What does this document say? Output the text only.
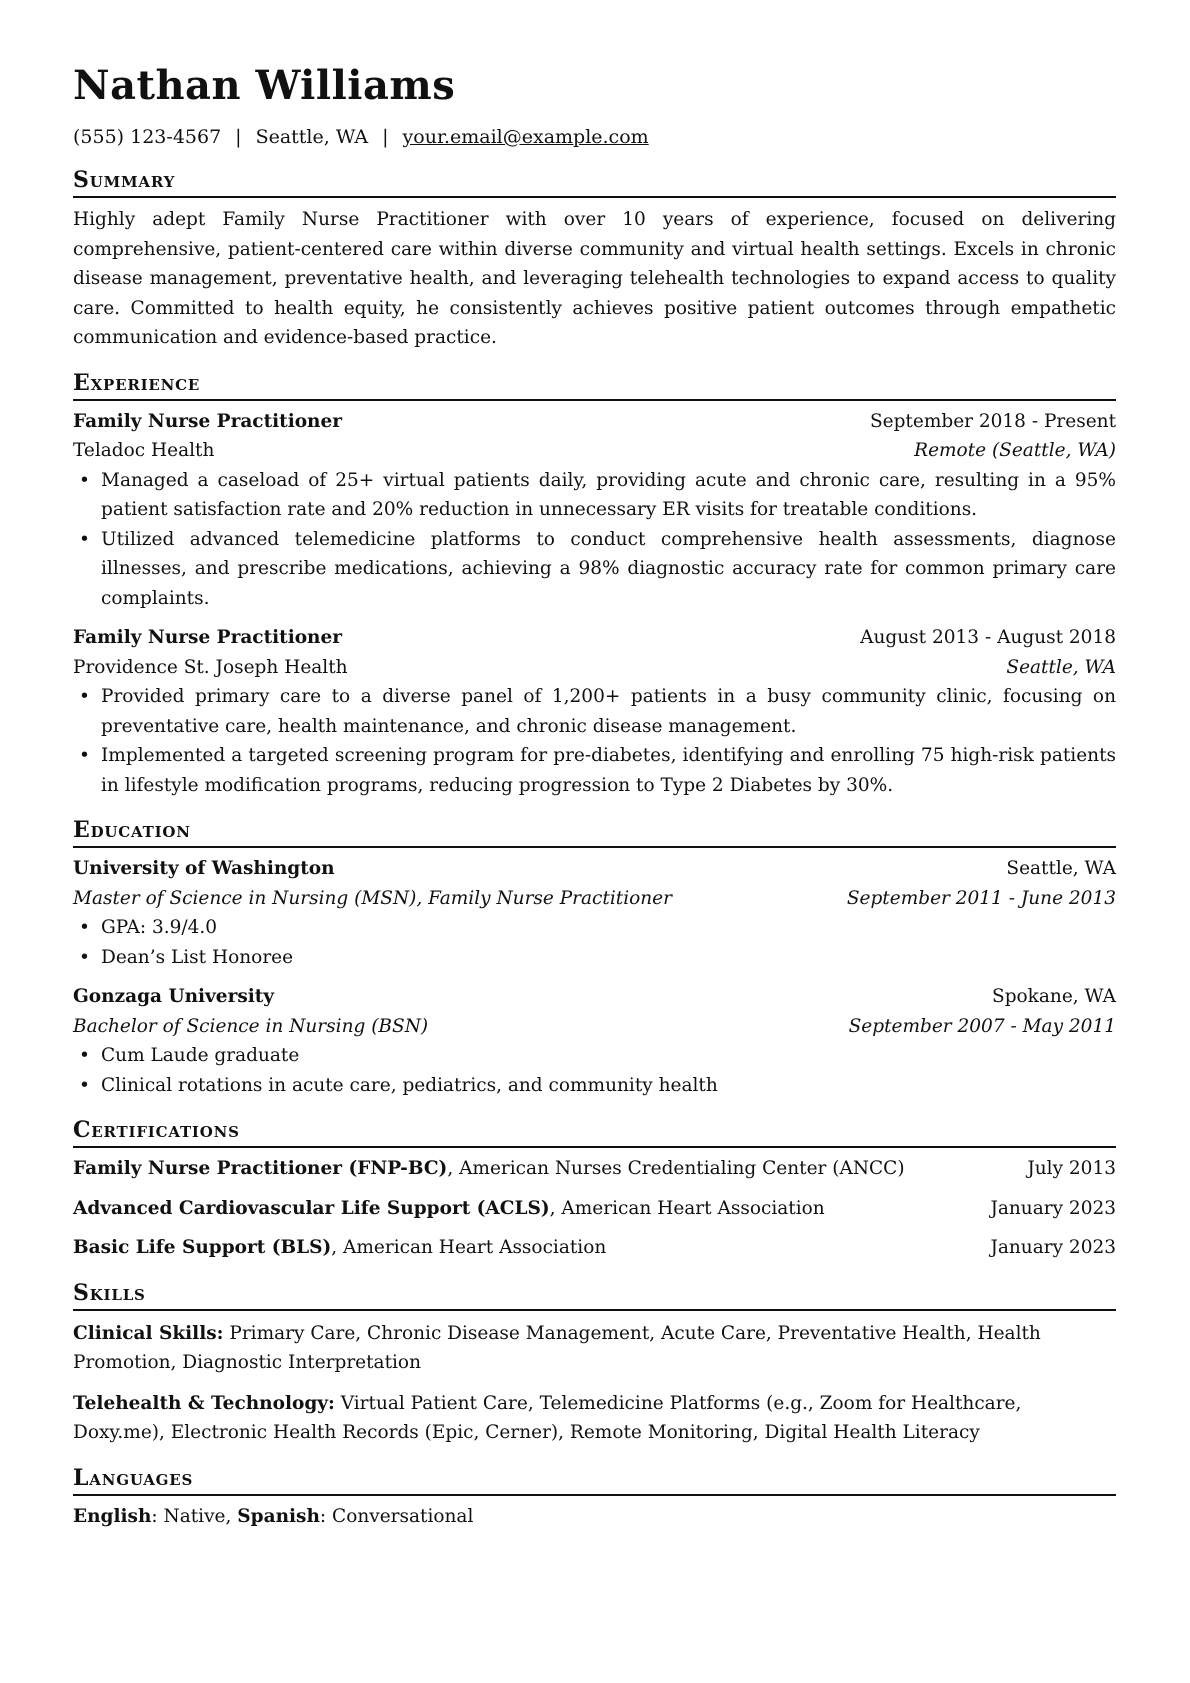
Nathan Williams
(555) 123-4567 | Seattle, WA | your.email@example.com
Summary
Highly adept Family Nurse Practitioner with over 10 years of experience, focused on delivering comprehensive, patient-centered care within diverse community and virtual health settings. Excels in chronic disease management, preventative health, and leveraging telehealth technologies to expand access to quality care. Committed to health equity, he consistently achieves positive patient outcomes through empathetic communication and evidence-based practice.
Experience
Family Nurse Practitioner	September 2018 - Present
Teladoc Health	Remote (Seattle, WA)
• Managed a caseload of 25+ virtual patients daily, providing acute and chronic care, resulting in a 95% patient satisfaction rate and 20% reduction in unnecessary ER visits for treatable conditions.
• Utilized advanced telemedicine platforms to conduct comprehensive health assessments, diagnose illnesses, and prescribe medications, achieving a 98% diagnostic accuracy rate for common primary care complaints.
Family Nurse Practitioner	August 2013 - August 2018
Providence St. Joseph Health	Seattle, WA
• Provided primary care to a diverse panel of 1,200+ patients in a busy community clinic, focusing on preventative care, health maintenance, and chronic disease management.
• Implemented a targeted screening program for pre-diabetes, identifying and enrolling 75 high-risk patients in lifestyle modification programs, reducing progression to Type 2 Diabetes by 30%.
Education
University of Washington	Seattle, WA
Master of Science in Nursing (MSN), Family Nurse Practitioner	September 2011 - June 2013
• GPA: 3.9/4.0
• Dean’s List Honoree
Gonzaga University	Spokane, WA
Bachelor of Science in Nursing (BSN)	September 2007 - May 2011
• Cum Laude graduate
• Clinical rotations in acute care, pediatrics, and community health
Certifications
Family Nurse Practitioner (FNP-BC), American Nurses Credentialing Center (ANCC)	July 2013
Advanced Cardiovascular Life Support (ACLS), American Heart Association	January 2023
Basic Life Support (BLS), American Heart Association	January 2023
Skills
Clinical Skills: Primary Care, Chronic Disease Management, Acute Care, Preventative Health, Health Promotion, Diagnostic Interpretation
Telehealth & Technology: Virtual Patient Care, Telemedicine Platforms (e.g., Zoom for Healthcare, Doxy.me), Electronic Health Records (Epic, Cerner), Remote Monitoring, Digital Health Literacy
Languages
English: Native, Spanish: Conversational
